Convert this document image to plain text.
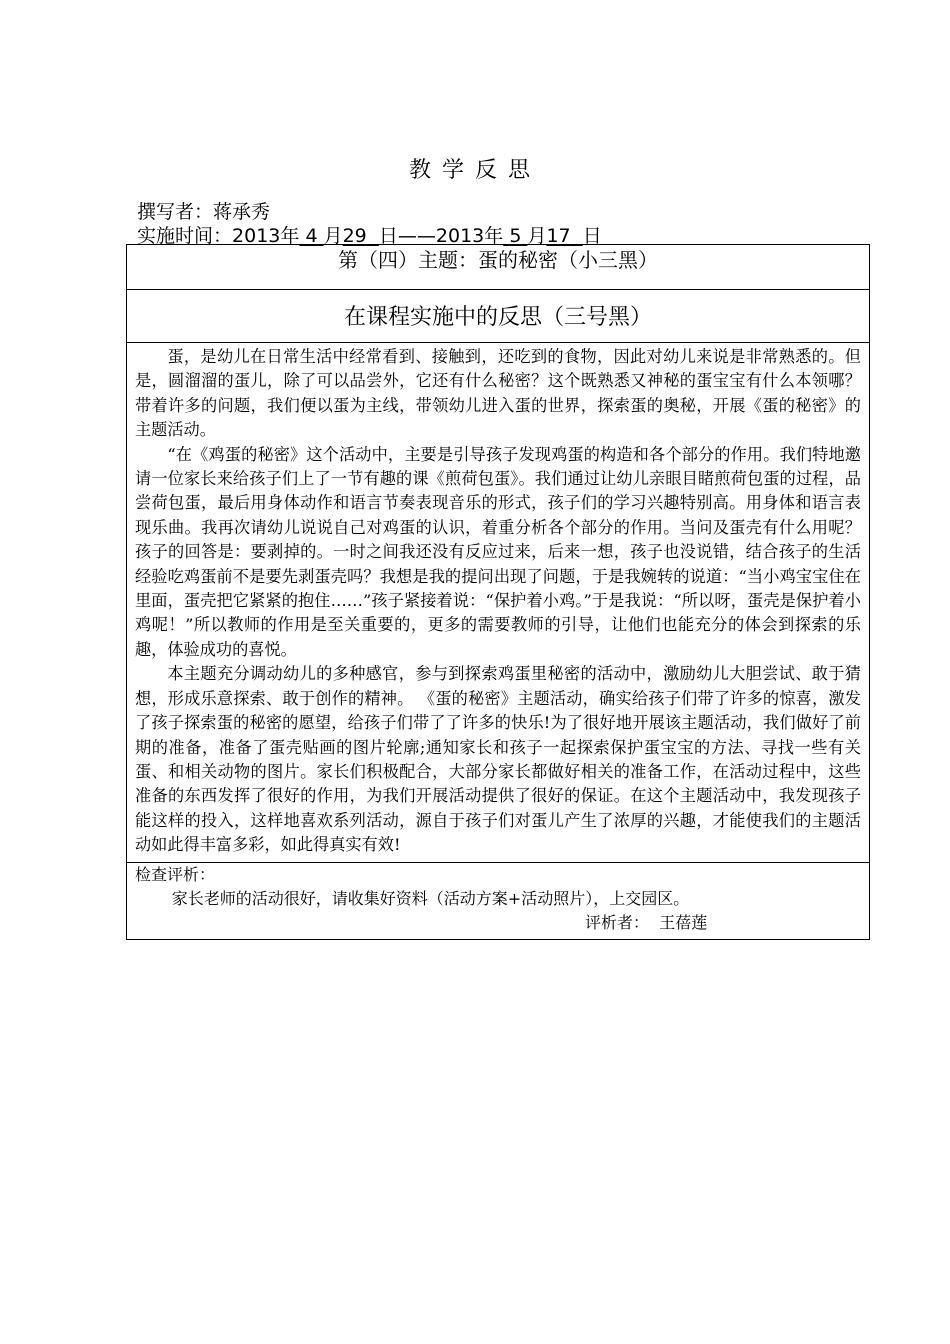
教学反思
撰写者：蒋承秀
实施时间：2013年 4 月29 日——2013年 5 月17 日
第（四）主题：蛋的秘密（小三黑）
在课程实施中的反思（三号黑）

蛋，是幼儿在日常生活中经常看到、接触到，还吃到的食物，因此对幼儿来说是非常熟悉的。但是，圆溜溜的蛋儿，除了可以品尝外，它还有什么秘密？这个既熟悉又神秘的蛋宝宝有什么本领哪？带着许多的问题，我们便以蛋为主线，带领幼儿进入蛋的世界，探索蛋的奥秘，开展《蛋的秘密》的主题活动。

“在《鸡蛋的秘密》这个活动中，主要是引导孩子发现鸡蛋的构造和各个部分的作用。我们特地邀请一位家长来给孩子们上了一节有趣的课《煎荷包蛋》。我们通过让幼儿亲眼目睹煎荷包蛋的过程，品尝荷包蛋，最后用身体动作和语言节奏表现音乐的形式，孩子们的学习兴趣特别高。用身体和语言表现乐曲。我再次请幼儿说说自己对鸡蛋的认识，着重分析各个部分的作用。当问及蛋壳有什么用呢？孩子的回答是：要剥掉的。一时之间我还没有反应过来，后来一想，孩子也没说错，结合孩子的生活经验吃鸡蛋前不是要先剥蛋壳吗？我想是我的提问出现了问题，于是我婉转的说道：“当小鸡宝宝住在里面，蛋壳把它紧紧的抱住……”孩子紧接着说：“保护着小鸡。”于是我说：“所以呀，蛋壳是保护着小鸡呢！”所以教师的作用是至关重要的，更多的需要教师的引导，让他们也能充分的体会到探索的乐趣，体验成功的喜悦。

本主题充分调动幼儿的多种感官，参与到探索鸡蛋里秘密的活动中，激励幼儿大胆尝试、敢于猜想，形成乐意探索、敢于创作的精神。 《蛋的秘密》主题活动，确实给孩子们带了许多的惊喜，激发了孩子探索蛋的秘密的愿望，给孩子们带了了许多的快乐!为了很好地开展该主题活动，我们做好了前期的准备，准备了蛋壳贴画的图片轮廓;通知家长和孩子一起探索保护蛋宝宝的方法、寻找一些有关蛋、和相关动物的图片。家长们积极配合，大部分家长都做好相关的准备工作，在活动过程中，这些准备的东西发挥了很好的作用，为我们开展活动提供了很好的保证。在这个主题活动中，我发现孩子能这样的投入，这样地喜欢系列活动，源自于孩子们对蛋儿产生了浓厚的兴趣，才能使我们的主题活动如此得丰富多彩，如此得真实有效!

检查评析：
家长老师的活动很好，请收集好资料（活动方案+活动照片），上交园区。
评析者： 王蓓莲
